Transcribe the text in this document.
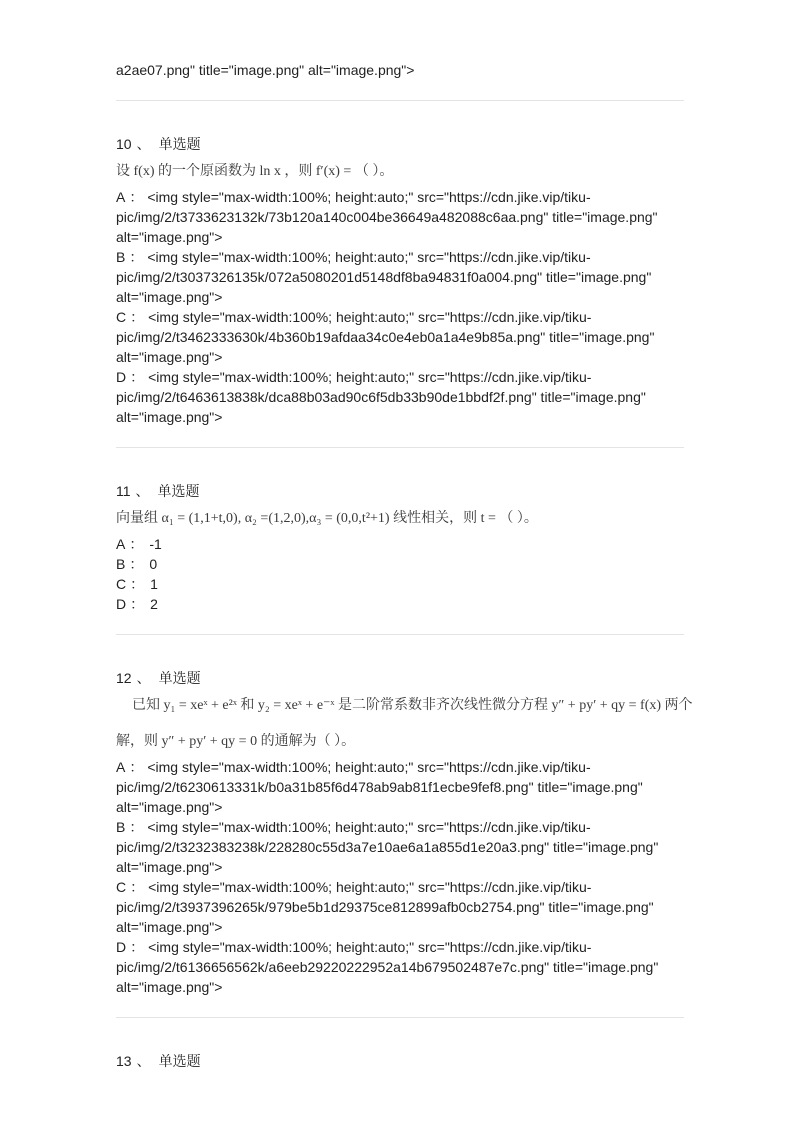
a2ae07.png" title="image.png" alt="image.png">
10 、 单选题
设 f(x) 的一个原函数为 ln x ，则 f′(x) = （ ）。
A ： <img style="max-width:100%; height:auto;" src="https://cdn.jike.vip/tiku-pic/img/2/t3733623132k/73b120a140c004be36649a482088c6aa.png" title="image.png" alt="image.png">
B ： <img style="max-width:100%; height:auto;" src="https://cdn.jike.vip/tiku-pic/img/2/t3037326135k/072a5080201d5148df8ba94831f0a004.png" title="image.png" alt="image.png">
C ： <img style="max-width:100%; height:auto;" src="https://cdn.jike.vip/tiku-pic/img/2/t3462333630k/4b360b19afdaa34c0e4eb0a1a4e9b85a.png" title="image.png" alt="image.png">
D ： <img style="max-width:100%; height:auto;" src="https://cdn.jike.vip/tiku-pic/img/2/t6463613838k/dca88b03ad90c6f5db33b90de1bbdf2f.png" title="image.png" alt="image.png">
11 、 单选题
向量组 α₁ = (1,1+t,0), α₂ =(1,2,0),α₃ = (0,0,t²+1) 线性相关，则 t = （ ）。
A ： -1
B ： 0
C ： 1
D ： 2
12 、 单选题
已知 y₁ = xeˣ + e²ˣ 和 y₂ = xeˣ + e⁻ˣ 是二阶常系数非齐次线性微分方程 y″ + py′ + qy = f(x) 两个
解，则 y″ + py′ + qy = 0 的通解为（ ）。
A ： <img style="max-width:100%; height:auto;" src="https://cdn.jike.vip/tiku-pic/img/2/t6230613331k/b0a31b85f6d478ab9ab81f1ecbe9fef8.png" title="image.png" alt="image.png">
B ： <img style="max-width:100%; height:auto;" src="https://cdn.jike.vip/tiku-pic/img/2/t3232383238k/228280c55d3a7e10ae6a1a855d1e20a3.png" title="image.png" alt="image.png">
C ： <img style="max-width:100%; height:auto;" src="https://cdn.jike.vip/tiku-pic/img/2/t3937396265k/979be5b1d29375ce812899afb0cb2754.png" title="image.png" alt="image.png">
D ： <img style="max-width:100%; height:auto;" src="https://cdn.jike.vip/tiku-pic/img/2/t6136656562k/a6eeb29220222952a14b679502487e7c.png" title="image.png" alt="image.png">
13 、 单选题
